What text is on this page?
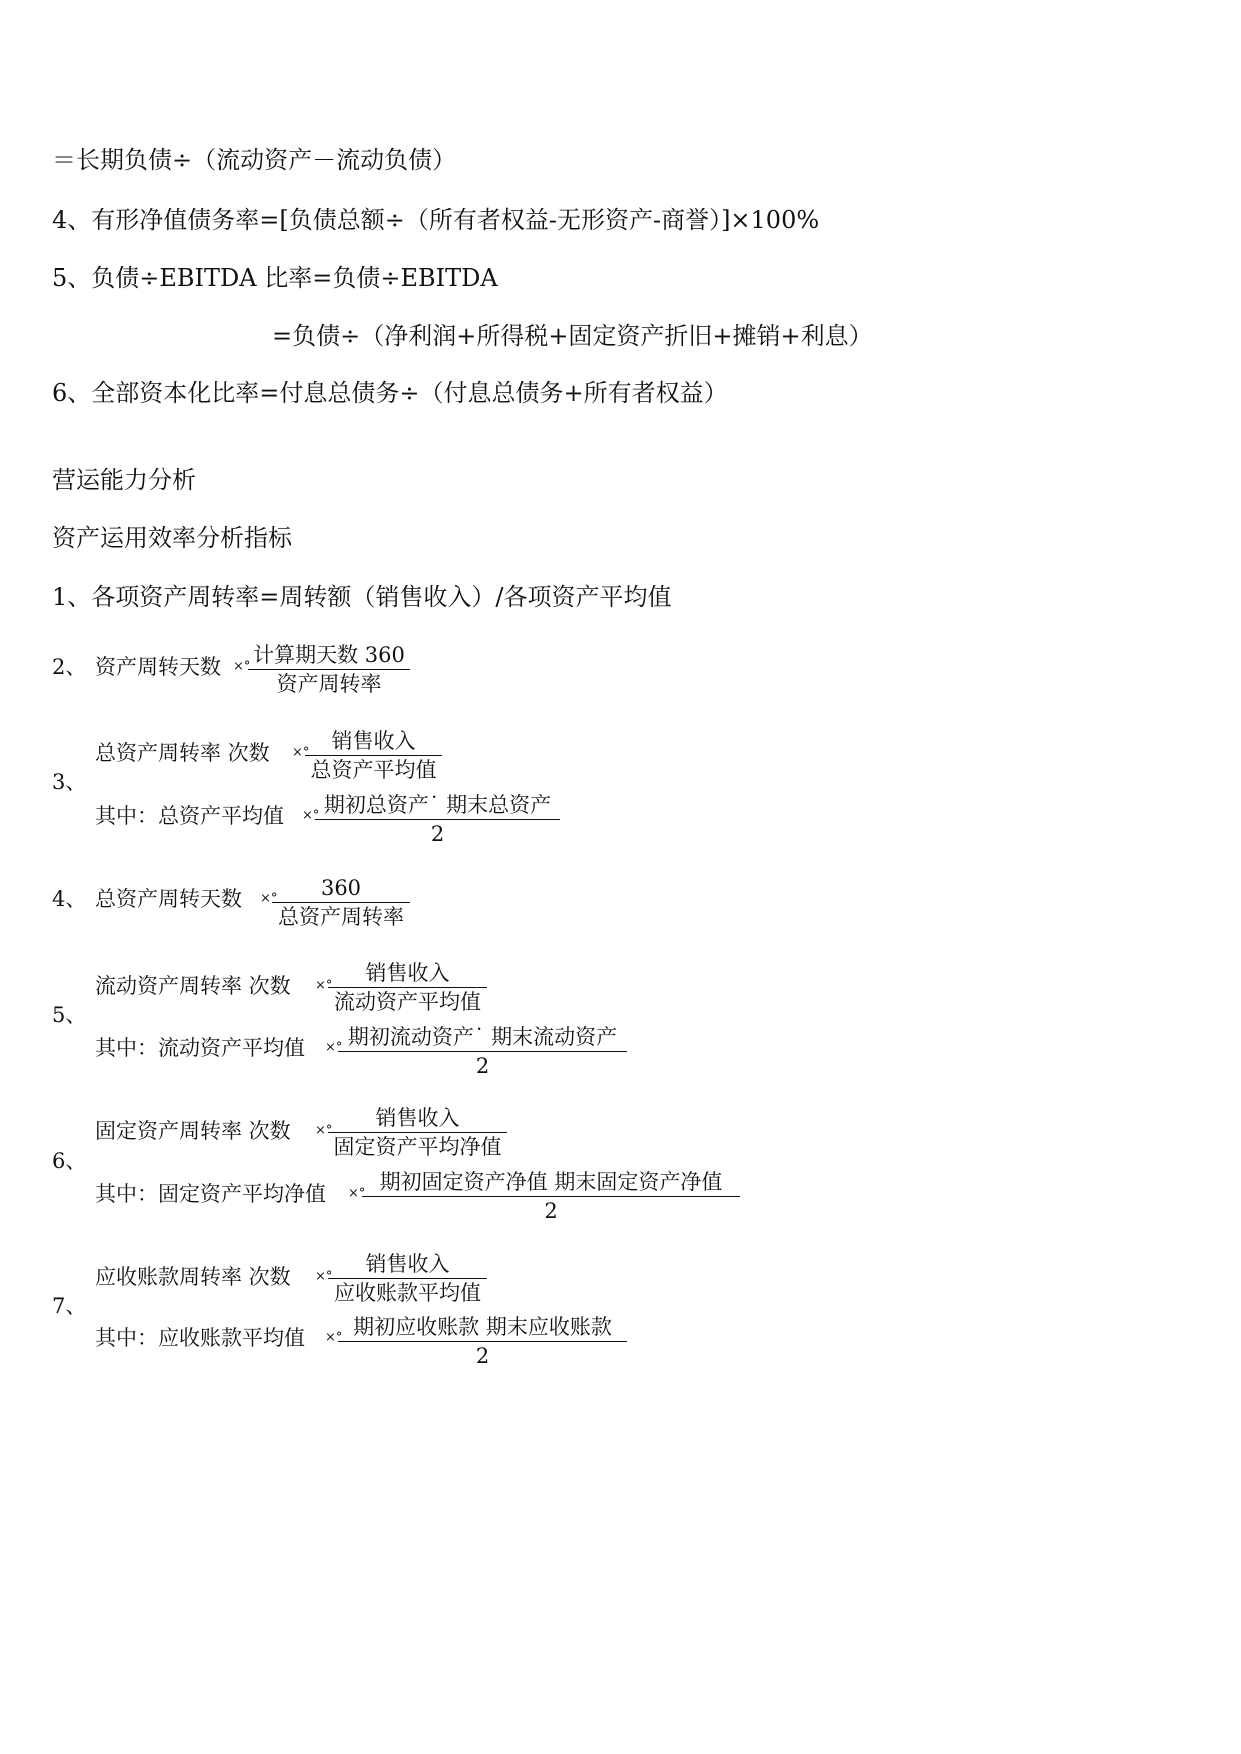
＝长期负债÷（流动资产－流动负债）
4、有形净值债务率=[负债总额÷（所有者权益-无形资产-商誉）]×100%
5、负债÷EBITDA 比率=负债÷EBITDA
=负债÷（净利润+所得税+固定资产折旧+摊销+利息）
6、全部资本化比率=付息总债务÷（付息总债务+所有者权益）
营运能力分析
资产运用效率分析指标
1、各项资产周转率=周转额（销售收入）/各项资产平均值
2、 资产周转天数 ×° 计算期天数 360
资产周转率
3、
总资产周转率 次数 ×°	销售收入
总资产平均值
其中：总资产平均值 ×° 期初总资产˙ 期末总资产
2
4、 总资产周转天数 ×°	360
总资产周转率
5、
流动资产周转率 次数 ×°
销售收入
流动资产平均值
其中：流动资产平均值 ×° 期初流动资产˙ 期末流动资产
2
6、
固定资产周转率 次数 ×°
销售收入
固定资产平均净值
其中：固定资产平均净值 ×° 期初固定资产净值 期末固定资产净值
2
7、
应收账款周转率 次数 ×°
销售收入
应收账款平均值
其中：应收账款平均值 ×° 期初应收账款 期末应收账款
2
